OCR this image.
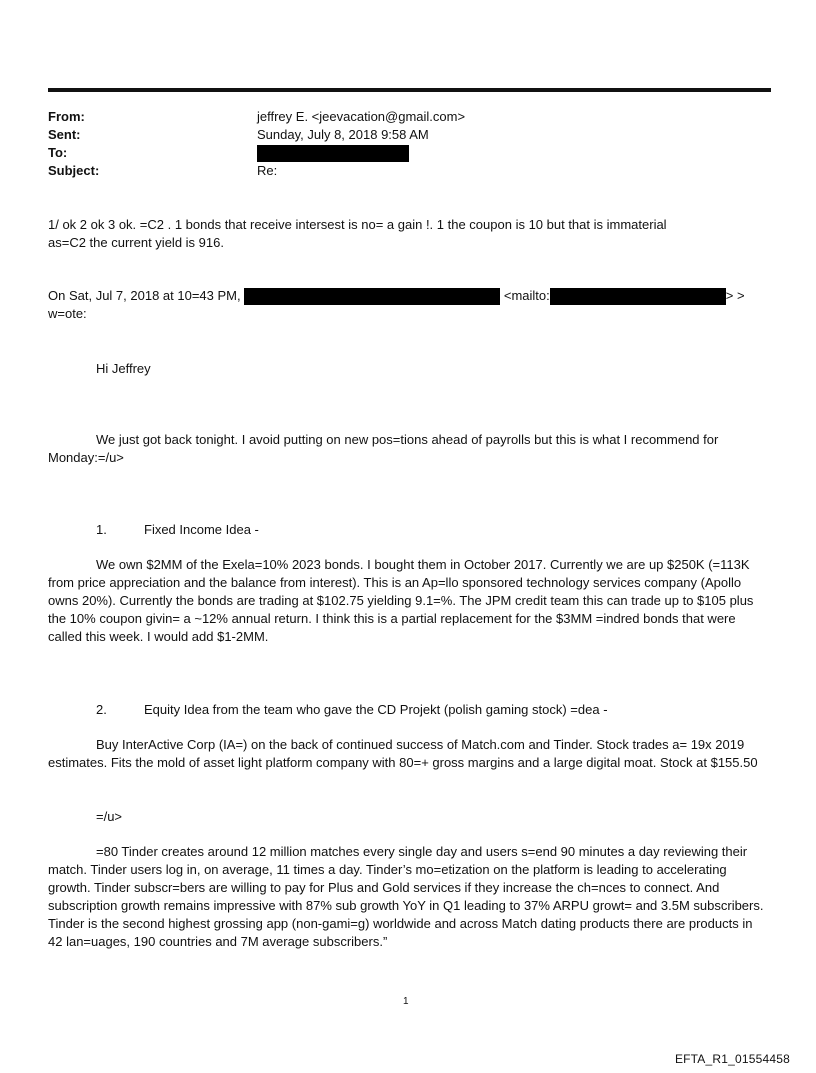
From:	jeffrey E. <jeevacation@gmail.com>
Sent:	Sunday, July 8, 2018 9:58 AM
To:
Subject:	Re:
1/ ok 2 ok 3 ok. =C2 . 1 bonds that receive intersest is no= a gain !. 1 the coupon is 10 but that is immaterial
as=C2 the current yield is 916.
On Sat, Jul 7, 2018 at 10=43 PM,	<mailto:	> >
w=ote:
Hi Jeffrey
We just got back tonight. I avoid putting on new pos=tions ahead of payrolls but this is what I recommend for Monday:=/u>
1.	Fixed Income Idea -
We own $2MM of the Exela=10% 2023 bonds. I bought them in October 2017. Currently we are up $250K (=113K from price appreciation and the balance from interest). This is an Ap=llo sponsored technology services company (Apollo owns 20%). Currently the bonds are trading at $102.75 yielding 9.1=%. The JPM credit team this can trade up to $105 plus the 10% coupon givin= a ~12% annual return. I think this is a partial replacement for the $3MM =indred bonds that were called this week. I would add $1-2MM.
2.	Equity Idea from the team who gave the CD Projekt (polish gaming stock) =dea -
Buy InterActive Corp (IA=) on the back of continued success of Match.com and Tinder. Stock trades a= 19x 2019 estimates. Fits the mold of asset light platform company with 80=+ gross margins and a large digital moat. Stock at $155.50
=/u>
=80 Tinder creates around 12 million matches every single day and users s=end 90 minutes a day reviewing their match. Tinder users log in, on average, 11 times a day. Tinder’s mo=etization on the platform is leading to accelerating growth. Tinder subscr=bers are willing to pay for Plus and Gold services if they increase the ch=nces to connect. And subscription growth remains impressive with 87% sub growth YoY in Q1 leading to 37% ARPU growt= and 3.5M subscribers. Tinder is the second highest grossing app (non-gami=g) worldwide and across Match dating products there are products in 42 lan=uages, 190 countries and 7M average subscribers.”
1
EFTA_R1_01554458
